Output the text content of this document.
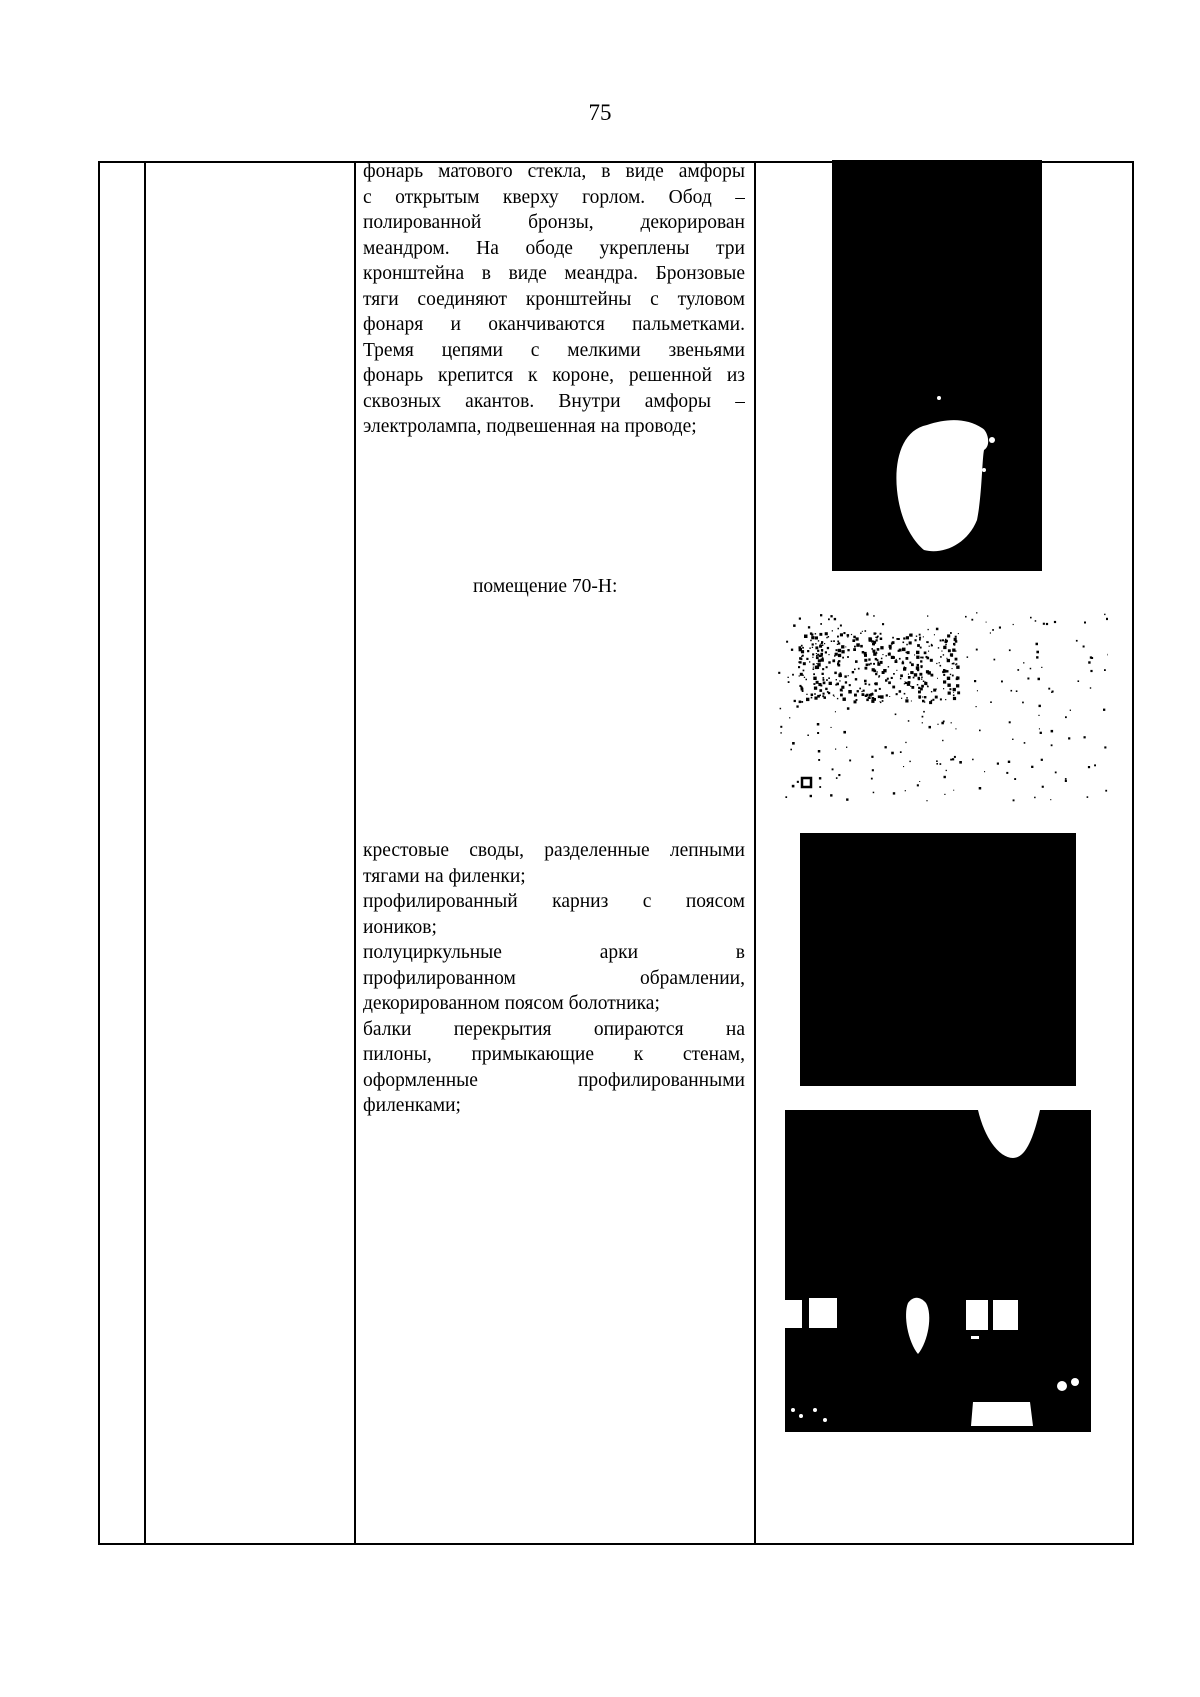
75
фонарь матового стекла, в виде амфоры
с открытым кверху горлом. Обод –
полированной бронзы, декорирован
меандром. На ободе укреплены три
кронштейна в виде меандра. Бронзовые
тяги соединяют кронштейны с туловом
фонаря и оканчиваются пальметками.
Тремя цепями с мелкими звеньями
фонарь крепится к короне, решенной из
сквозных акантов. Внутри амфоры –
электролампа, подвешенная на проводе;
помещение 70-Н:
крестовые своды, разделенные лепными
тягами на филенки;
профилированный карниз с поясом
иоников;
полуциркульные арки в
профилированном обрамлении,
декорированном поясом болотника;
балки перекрытия опираются на
пилоны, примыкающие к стенам,
оформленные профилированными
филенками;
